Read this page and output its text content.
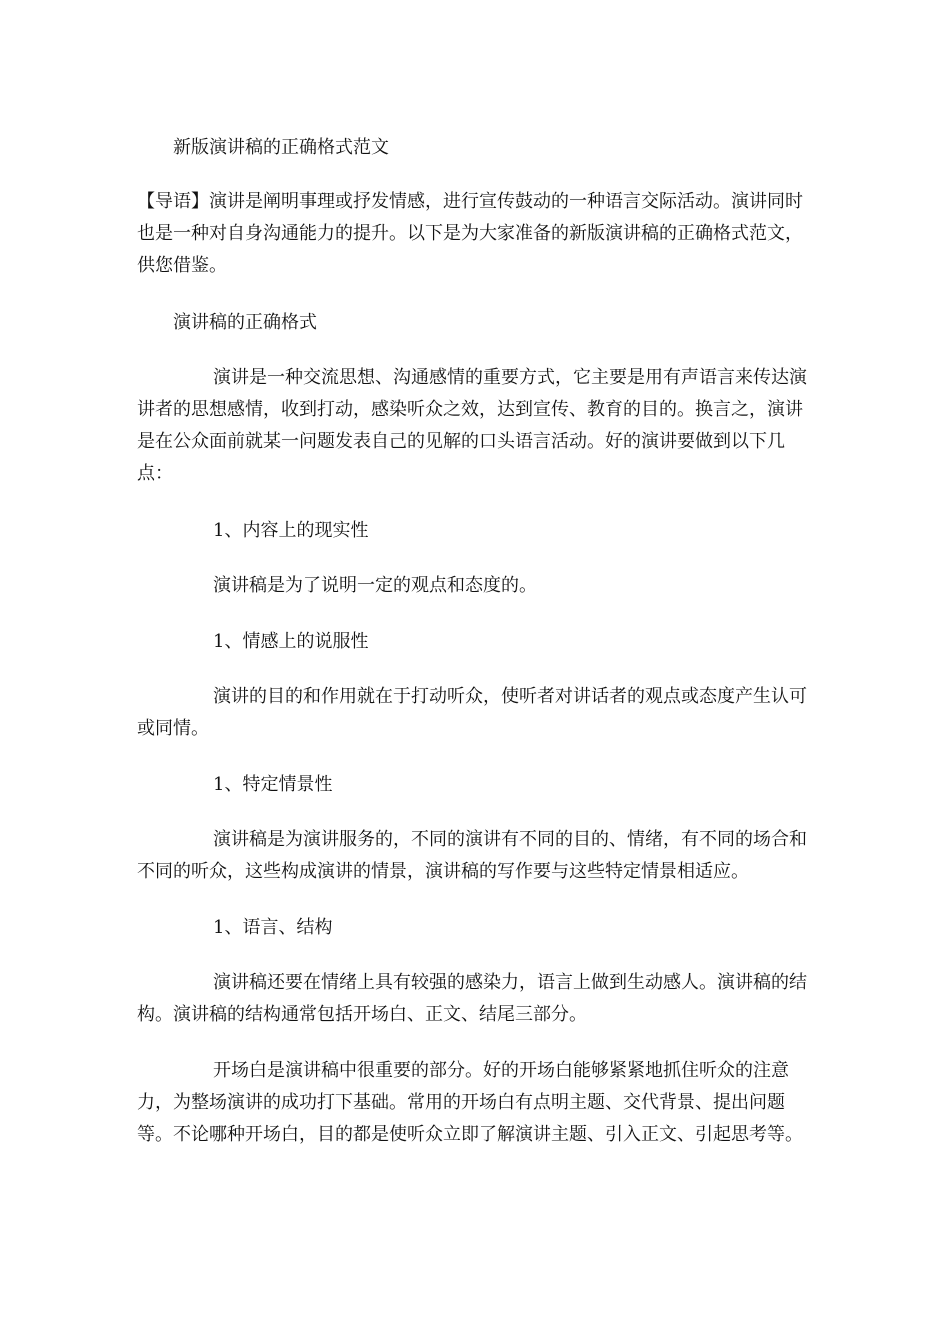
新版演讲稿的正确格式范文

【导语】演讲是阐明事理或抒发情感，进行宣传鼓动的一种语言交际活动。演讲同时也是一种对自身沟通能力的提升。以下是为大家准备的新版演讲稿的正确格式范文，供您借鉴。

演讲稿的正确格式

演讲是一种交流思想、沟通感情的重要方式，它主要是用有声语言来传达演讲者的思想感情，收到打动，感染听众之效，达到宣传、教育的目的。换言之，演讲是在公众面前就某一问题发表自己的见解的口头语言活动。好的演讲要做到以下几点：

1、内容上的现实性

演讲稿是为了说明一定的观点和态度的。

1、情感上的说服性

演讲的目的和作用就在于打动听众，使听者对讲话者的观点或态度产生认可或同情。

1、特定情景性

演讲稿是为演讲服务的，不同的演讲有不同的目的、情绪，有不同的场合和不同的听众，这些构成演讲的情景，演讲稿的写作要与这些特定情景相适应。

1、语言、结构

演讲稿还要在情绪上具有较强的感染力，语言上做到生动感人。演讲稿的结构。演讲稿的结构通常包括开场白、正文、结尾三部分。

开场白是演讲稿中很重要的部分。好的开场白能够紧紧地抓住听众的注意力，为整场演讲的成功打下基础。常用的开场白有点明主题、交代背景、提出问题等。不论哪种开场白，目的都是使听众立即了解演讲主题、引入正文、引起思考等。
